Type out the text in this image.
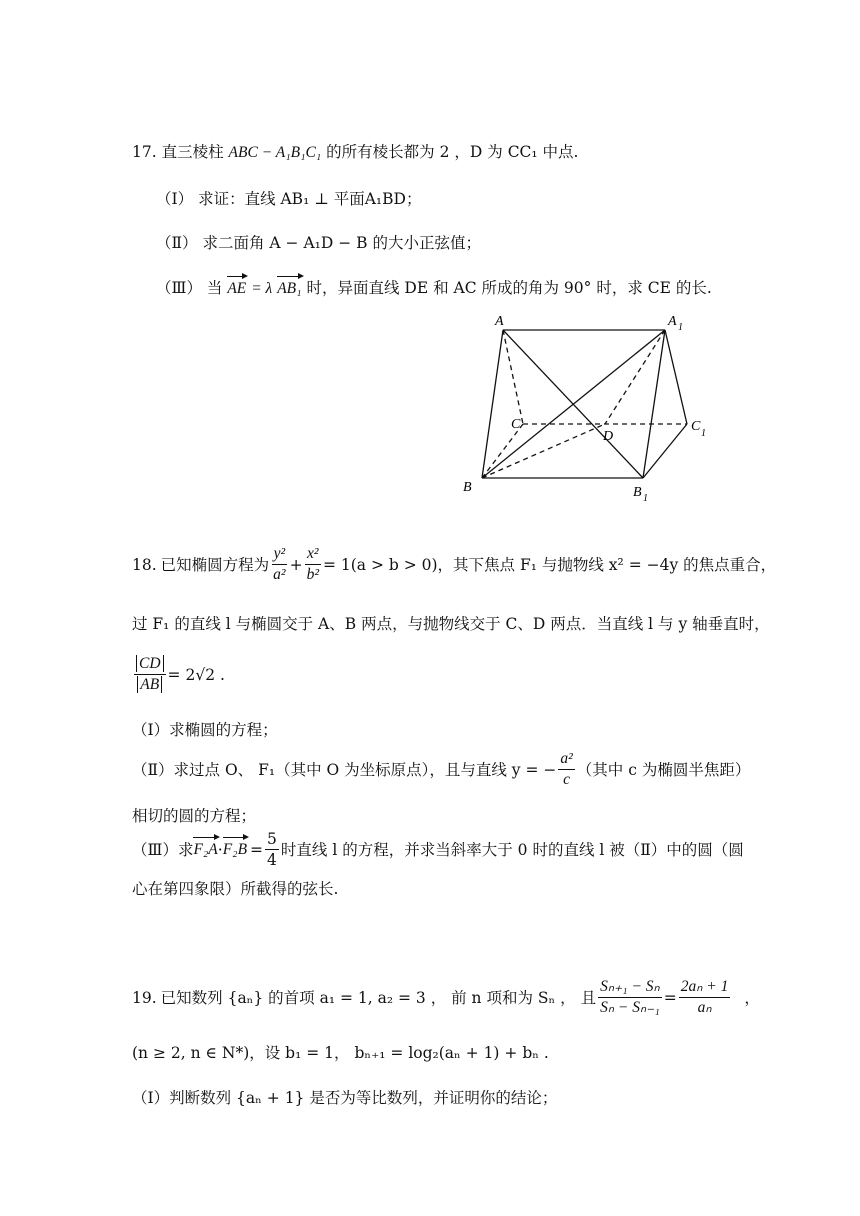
17. 直三棱柱 ABC − A₁B₁C₁ 的所有棱长都为 2 ，D 为 CC₁ 中点.
（Ⅰ） 求证：直线 AB₁ ⊥ 平面A₁BD；
（Ⅱ） 求二面角 A − A₁D − B 的大小正弦值；
（Ⅲ） 当 AE = λ AB₁ 时，异面直线 DE 和 AC 所成的角为 90° 时，求 CE 的长.
A	A 1
C	C 1
D
B	B 1
18. 已知椭圆方程为 $\frac{\text{y²}}{\text{a²}} + \frac{\text{x²}}{\text{b²}} = 1(a > b > 0)$，其下焦点 F₁ 与抛物线 x² = −4y 的焦点重合，
过 F₁ 的直线 l 与椭圆交于 A、B 两点，与抛物线交于 C、D 两点．当直线 l 与 y 轴垂直时，
$\frac{CD}{AB} = 2√2$ .
（Ⅰ）求椭圆的方程；
（Ⅱ）求过点 O、 F₁（其中 O 为坐标原点），且与直线 y = − $\frac{\text{a²}}{c}$ （其中 c 为椭圆半焦距）
相切的圆的方程；
（Ⅲ）求 $F_2A \cdot F_2B = \frac{5}{4}$ 时直线 l 的方程，并求当斜率大于 0 时的直线 l 被（Ⅱ）中的圆（圆
心在第四象限）所截得的弦长.
19. 已知数列 {aₙ} 的首项 a₁ = 1, a₂ = 3 ， 前 n 项和为 Sₙ ， 且 $\frac{\text{Sₙ₊₁ − Sₙ}}{\text{Sₙ − Sₙ₋₁}} = \frac{\text{2aₙ + 1}}{\text{aₙ}}$ ，
(n ≥ 2, n ∈ N*)，设 b₁ = 1， bₙ₊₁ = log₂(aₙ + 1) + bₙ .
（Ⅰ）判断数列 {aₙ + 1} 是否为等比数列，并证明你的结论；
